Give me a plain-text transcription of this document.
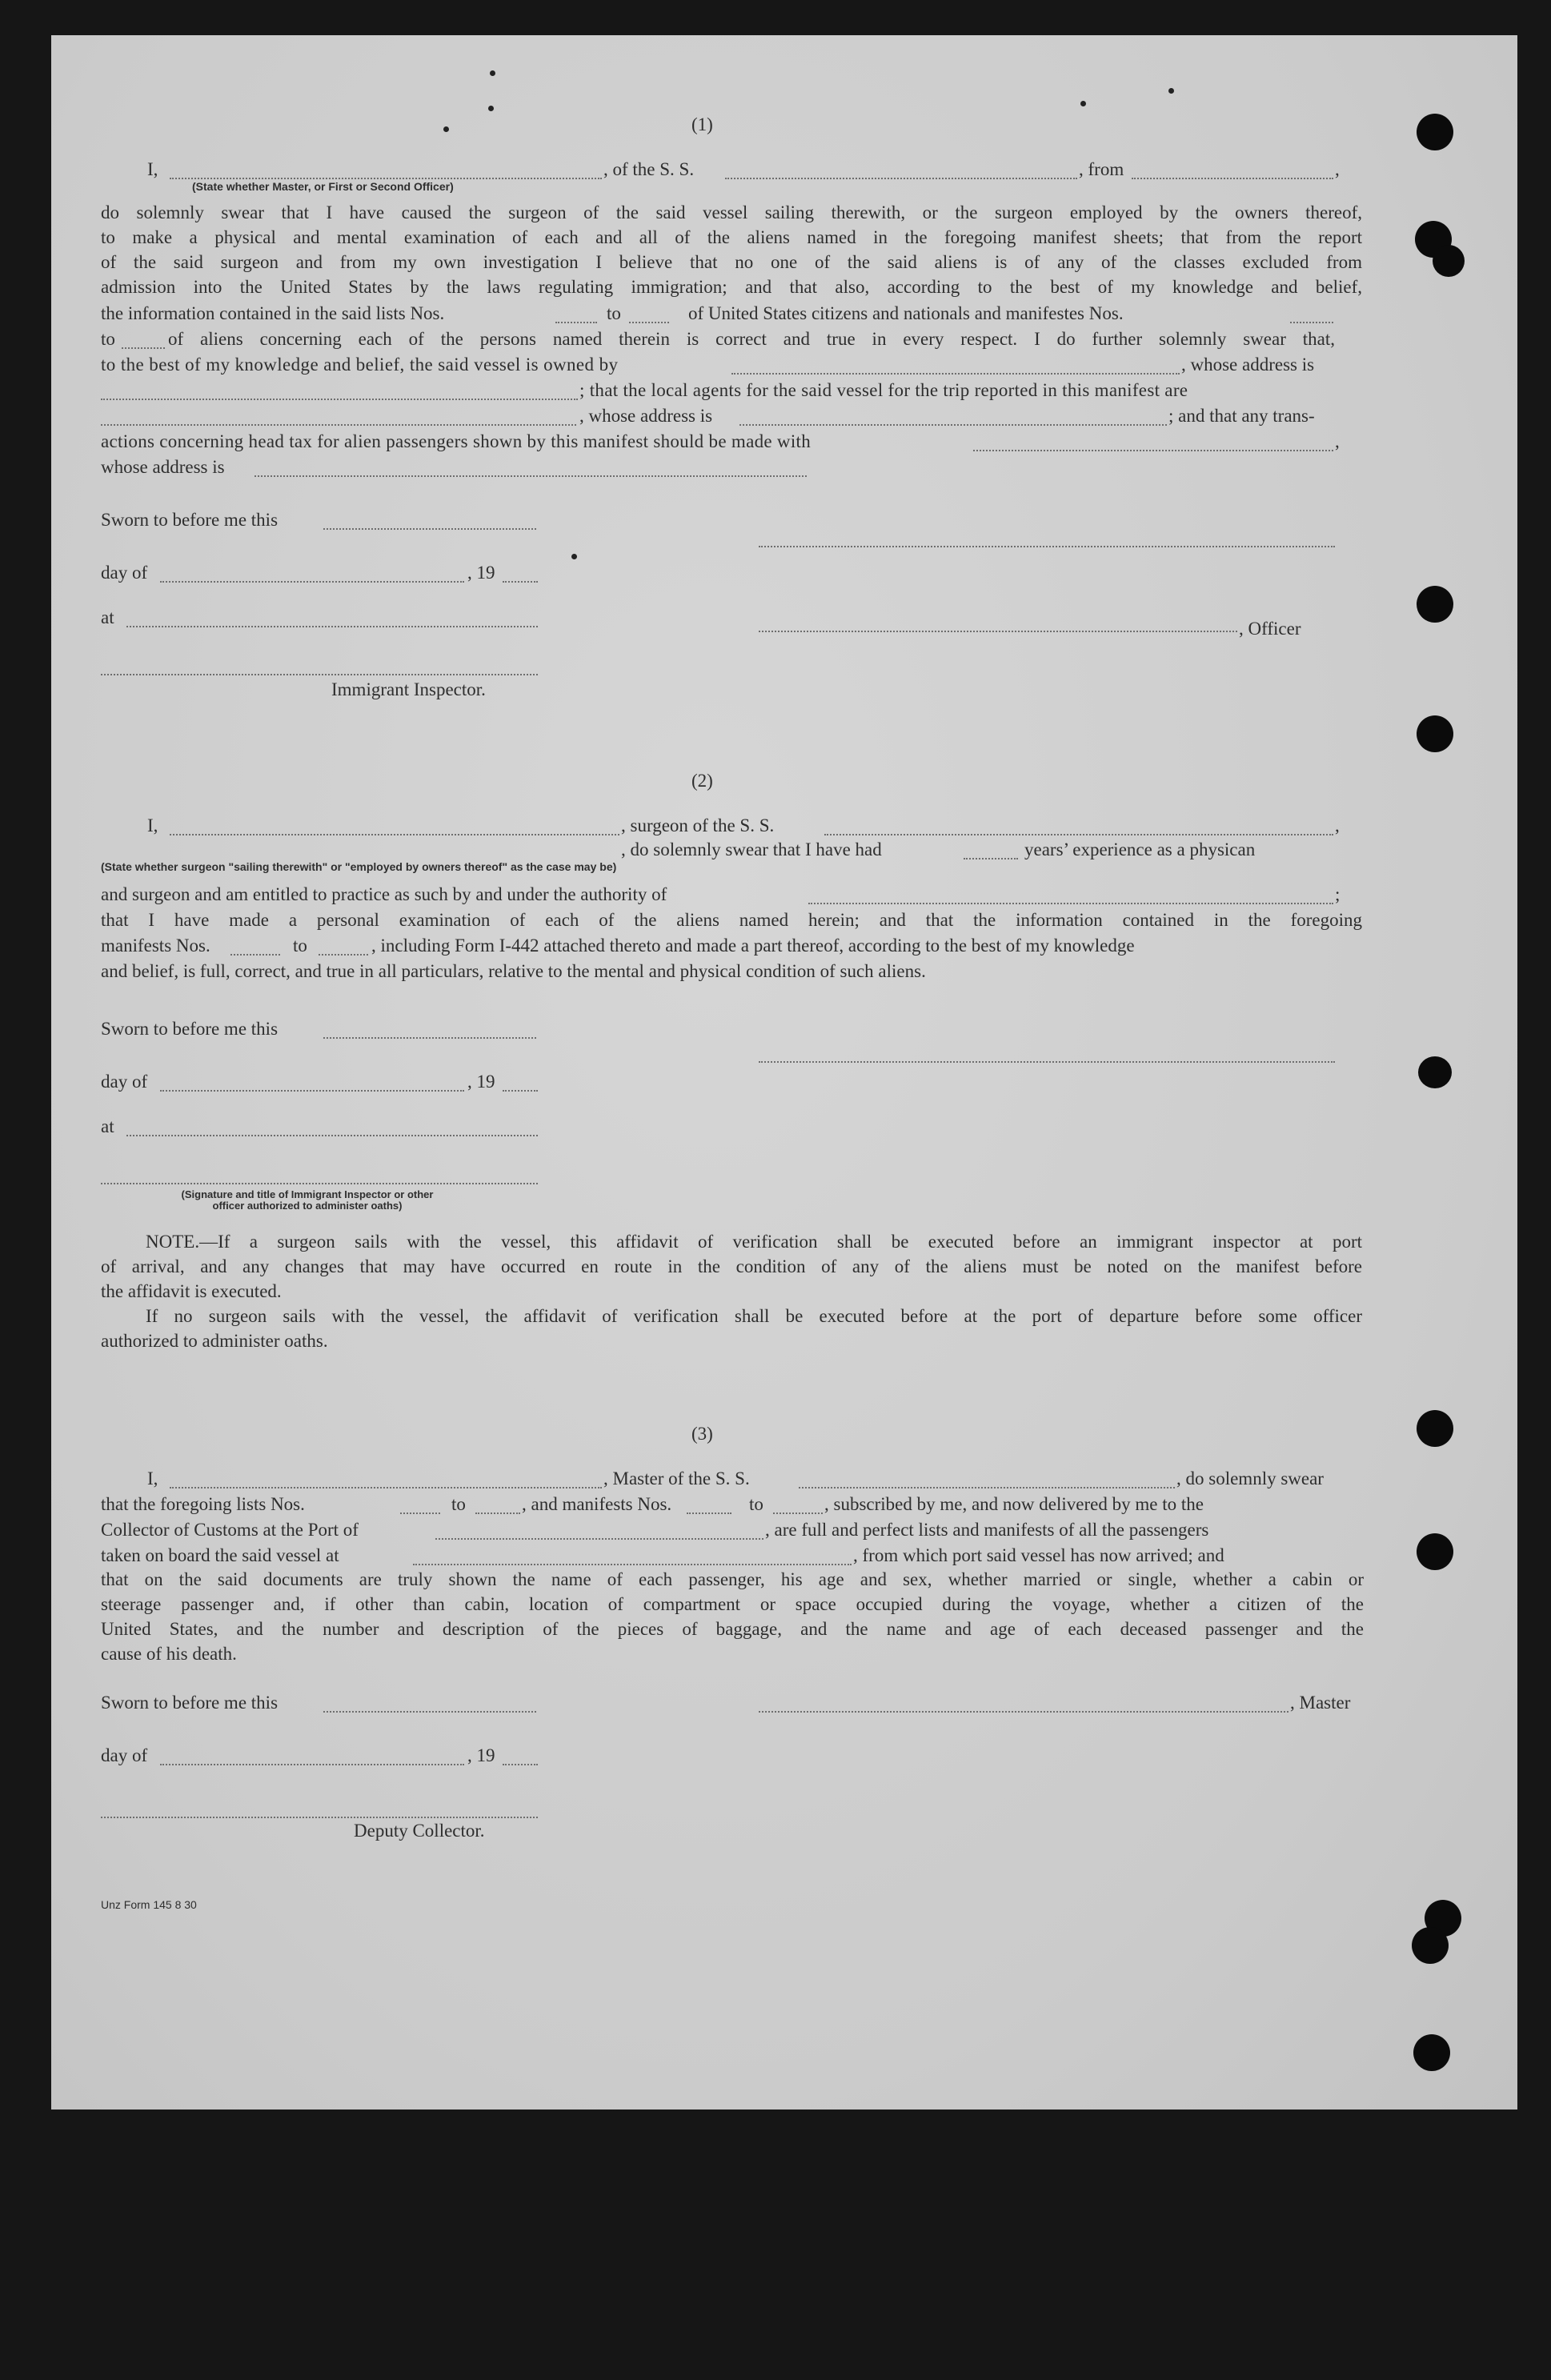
(1)
I,	, of the S. S.	, from	,
(State whether Master, or First or Second Officer)
do solemnly swear that I have caused the surgeon of the said vessel sailing therewith, or the surgeon employed by the owners thereof,
to make a physical and mental examination of each and all of the aliens named in the foregoing manifest sheets; that from the report
of the said surgeon and from my own investigation I believe that no one of the said aliens is of any of the classes excluded from
admission into the United States by the laws regulating immigration; and that also, according to the best of my knowledge and belief,
the information contained in the said lists Nos.	to	of United States citizens and nationals and manifestes Nos.
to	of aliens concerning each of the persons named therein is correct and true in every respect. I do further solemnly swear that,
to the best of my knowledge and belief, the said vessel is owned by	, whose address is
; that the local agents for the said vessel for the trip reported in this manifest are
, whose address is	; and that any trans-
actions concerning head tax for alien passengers shown by this manifest should be made with	,
whose address is
Sworn to before me this
day of	, 19
at
, Officer
Immigrant Inspector.
(2)
I,	, surgeon of the S. S.	,
, do solemnly swear that I have had	years’ experience as a physican
(State whether surgeon "sailing therewith" or "employed by owners thereof" as the case may be)
and surgeon and am entitled to practice as such by and under the authority of	;
that I have made a personal examination of each of the aliens named herein; and that the information contained in the foregoing
manifests Nos.	to	, including Form I-442 attached thereto and made a part thereof, according to the best of my knowledge
and belief, is full, correct, and true in all particulars, relative to the mental and physical condition of such aliens.
Sworn to before me this
day of	, 19
at
(Signature and title of Immigrant Inspector or other
officer authorized to administer oaths)
NOTE.—If a surgeon sails with the vessel, this affidavit of verification shall be executed before an immigrant inspector at port
of arrival, and any changes that may have occurred en route in the condition of any of the aliens must be noted on the manifest before
the affidavit is executed.
If no surgeon sails with the vessel, the affidavit of verification shall be executed before at the port of departure before some officer
authorized to administer oaths.
(3)
I,	, Master of the S. S.	, do solemnly swear
that the foregoing lists Nos.	to	, and manifests Nos.	to	, subscribed by me, and now delivered by me to the
Collector of Customs at the Port of	, are full and perfect lists and manifests of all the passengers
taken on board the said vessel at	, from which port said vessel has now arrived; and
that on the said documents are truly shown the name of each passenger, his age and sex, whether married or single, whether a cabin or
steerage passenger and, if other than cabin, location of compartment or space occupied during the voyage, whether a citizen of the
United States, and the number and description of the pieces of baggage, and the name and age of each deceased passenger and the
cause of his death.
Sworn to before me this	, Master
day of	, 19
Deputy Collector.
Unz Form 145 8 30
